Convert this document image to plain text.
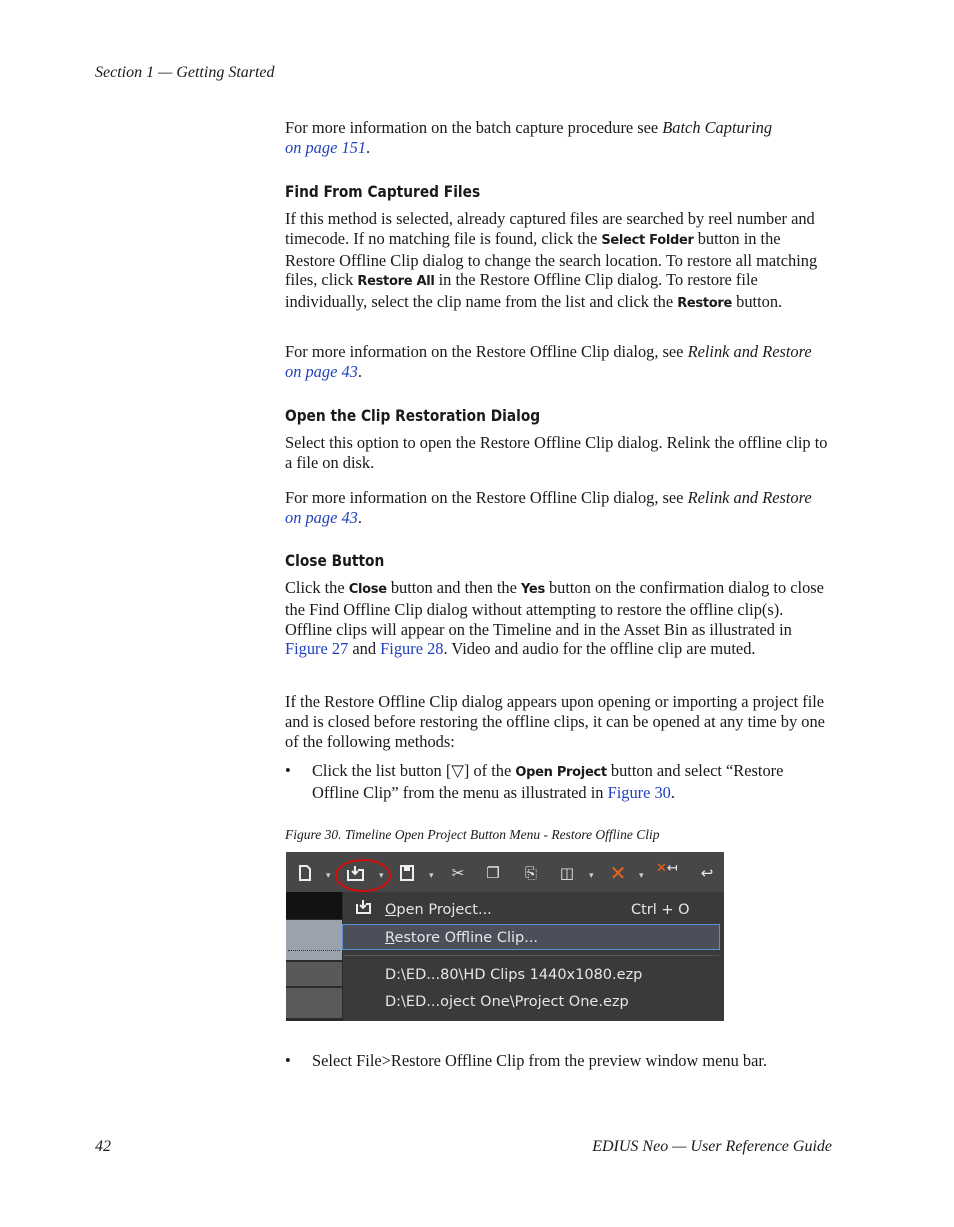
Section 1 — Getting Started

For more information on the batch capture procedure see Batch Capturing
on page 151.

Find From Captured Files

If this method is selected, already captured files are searched by reel number and timecode. If no matching file is found, click the Select Folder button in the Restore Offline Clip dialog to change the search location. To restore all matching files, click Restore All in the Restore Offline Clip dialog. To restore file individually, select the clip name from the list and click the Restore button.

For more information on the Restore Offline Clip dialog, see Relink and Restore on page 43.

Open the Clip Restoration Dialog
Select this option to open the Restore Offline Clip dialog. Relink the offline clip to a file on disk.

For more information on the Restore Offline Clip dialog, see Relink and Restore on page 43.

Close Button

Click the Close button and then the Yes button on the confirmation dialog to close the Find Offline Clip dialog without attempting to restore the offline clip(s). Offline clips will appear on the Timeline and in the Asset Bin as illustrated in Figure 27 and Figure 28. Video and audio for the offline clip are muted.

If the Restore Offline Clip dialog appears upon opening or importing a project file and is closed before restoring the offline clips, it can be opened at any time by one of the following methods:
• Click the list button [▽] of the Open Project button and select “Restore Offline Clip” from the menu as illustrated in Figure 30.

Figure 30. Timeline Open Project Button Menu - Restore Offline Clip
▾	▾	▾ ✂ ❐ ⎘ ◫ ▾ ✕ ▾ ✕↤ ↩
Open Project...	Ctrl + O
Restore Offline Clip...
D:\ED...80\HD Clips 1440x1080.ezp
D:\ED...oject One\Project One.ezp
• Select File>Restore Offline Clip from the preview window menu bar.

42	EDIUS Neo — User Reference Guide
